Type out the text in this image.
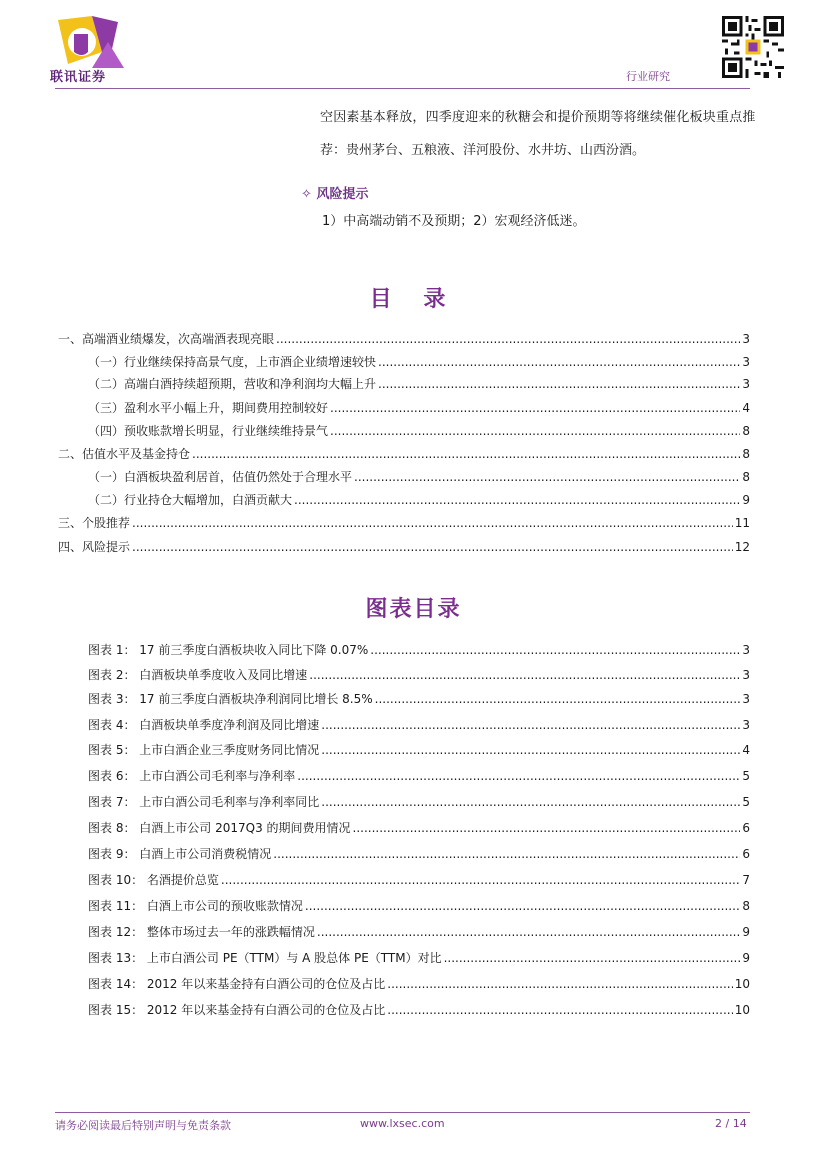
联讯证券	行业研究
空因素基本释放，四季度迎来的秋糖会和提价预期等将继续催化板块重点推
荐：贵州茅台、五粮液、洋河股份、水井坊、山西汾酒。
✧ 风险提示
1）中高端动销不及预期；2）宏观经济低迷。
目 录
一、高端酒业绩爆发，次高端酒表现亮眼 .....	3
（一）行业继续保持高景气度，上市酒企业绩增速较快 .....	3
（二）高端白酒持续超预期，营收和净利润均大幅上升 .....	3
（三）盈利水平小幅上升，期间费用控制较好 .....	4
（四）预收账款增长明显，行业继续维持景气 .....	8
二、估值水平及基金持仓 .....	8
（一）白酒板块盈利居首，估值仍然处于合理水平 .....	8
（二）行业持仓大幅增加，白酒贡献大 .....	9
三、个股推荐 .....	11
四、风险提示 .....	12
图表目录
图表 1： 17 前三季度白酒板块收入同比下降 0.07% .....	3
图表 2： 白酒板块单季度收入及同比增速 .....	3
图表 3： 17 前三季度白酒板块净利润同比增长 8.5% .....	3
图表 4： 白酒板块单季度净利润及同比增速 .....	3
图表 5： 上市白酒企业三季度财务同比情况 .....	4
图表 6： 上市白酒公司毛利率与净利率 .....	5
图表 7： 上市白酒公司毛利率与净利率同比 .....	5
图表 8： 白酒上市公司 2017Q3 的期间费用情况 .....	6
图表 9： 白酒上市公司消费税情况 .....	6
图表 10： 名酒提价总览 .....	7
图表 11： 白酒上市公司的预收账款情况 .....	8
图表 12： 整体市场过去一年的涨跌幅情况 .....	9
图表 13： 上市白酒公司 PE（TTM）与 A 股总体 PE（TTM）对比 .....	9
图表 14： 2012 年以来基金持有白酒公司的仓位及占比 .....	10
图表 15： 2012 年以来基金持有白酒公司的仓位及占比 .....	10
请务必阅读最后特别声明与免责条款	www.lxsec.com	2 / 14
